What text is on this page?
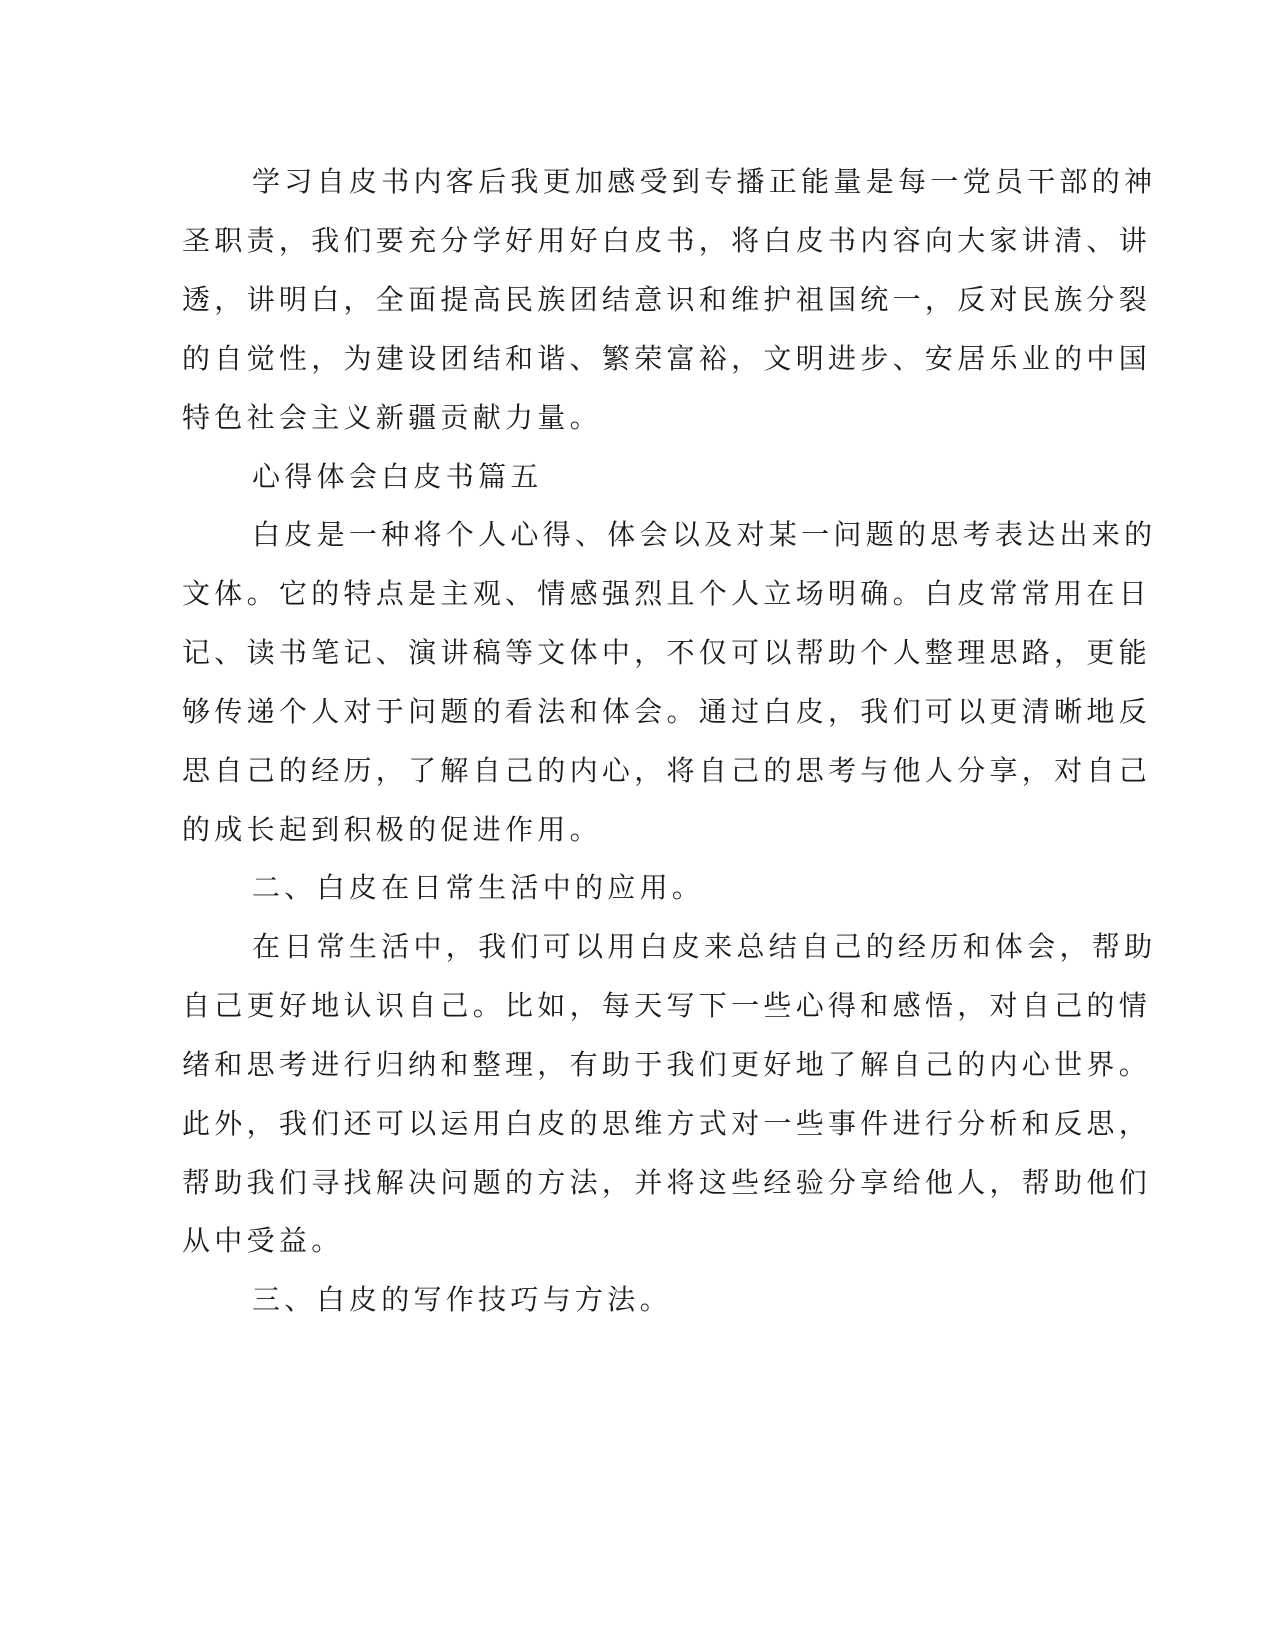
学习自皮书内客后我更加感受到专播正能量是每一党员干部的神
圣职责，我们要充分学好用好白皮书，将白皮书内容向大家讲清、讲
透，讲明白，全面提高民族团结意识和维护祖国统一，反对民族分裂
的自觉性，为建设团结和谐、繁荣富裕，文明进步、安居乐业的中国
特色社会主义新疆贡献力量。
心得体会白皮书篇五
白皮是一种将个人心得、体会以及对某一问题的思考表达出来的
文体。它的特点是主观、情感强烈且个人立场明确。白皮常常用在日
记、读书笔记、演讲稿等文体中，不仅可以帮助个人整理思路，更能
够传递个人对于问题的看法和体会。通过白皮，我们可以更清晰地反
思自己的经历，了解自己的内心，将自己的思考与他人分享，对自己
的成长起到积极的促进作用。
二、白皮在日常生活中的应用。
在日常生活中，我们可以用白皮来总结自己的经历和体会，帮助
自己更好地认识自己。比如，每天写下一些心得和感悟，对自己的情
绪和思考进行归纳和整理，有助于我们更好地了解自己的内心世界。
此外，我们还可以运用白皮的思维方式对一些事件进行分析和反思，
帮助我们寻找解决问题的方法，并将这些经验分享给他人，帮助他们
从中受益。
三、白皮的写作技巧与方法。
